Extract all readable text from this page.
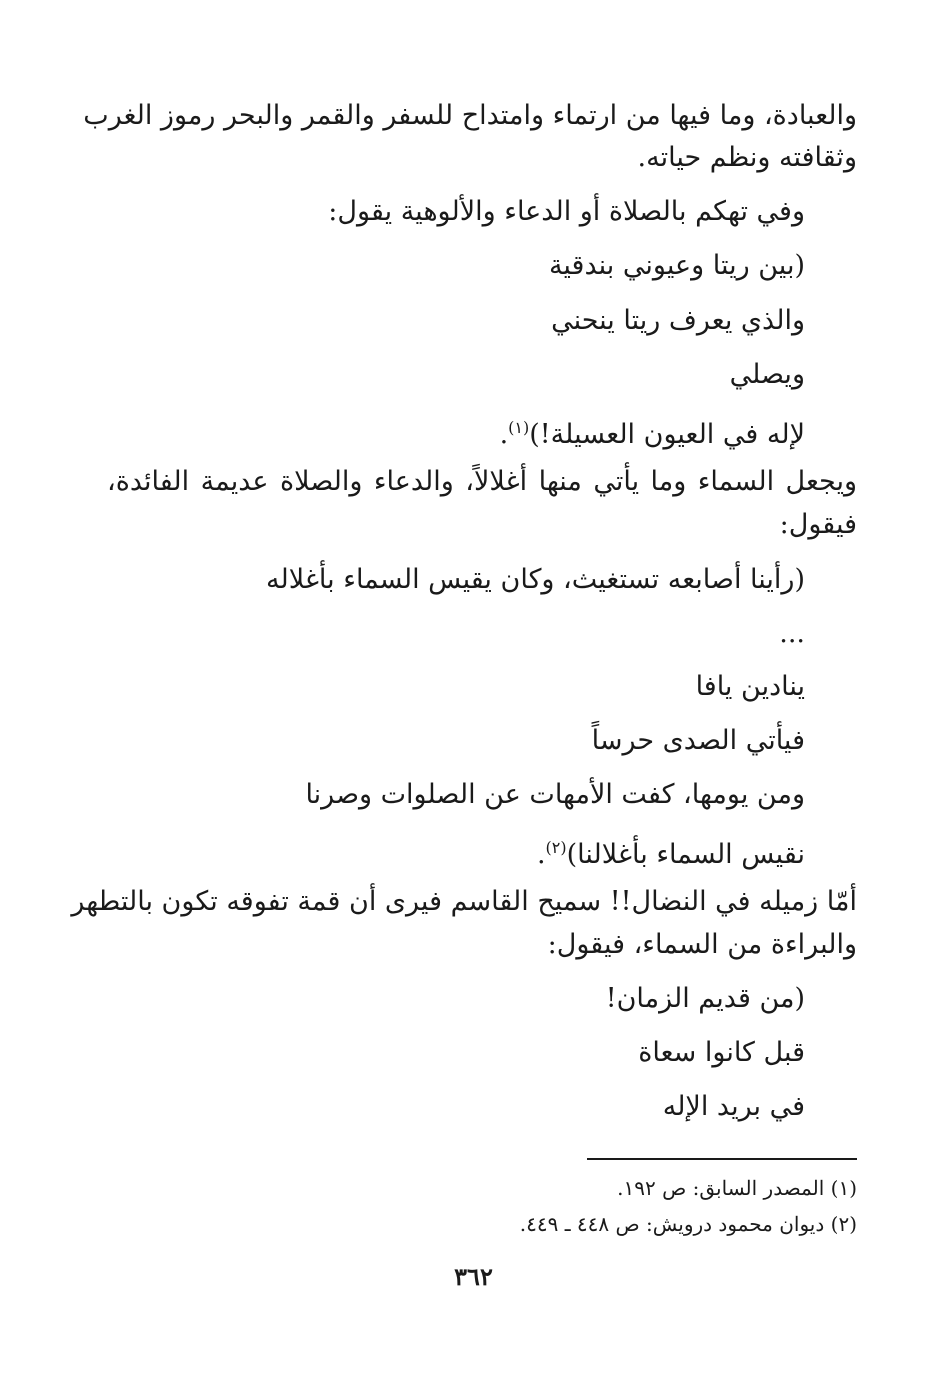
والعبادة، وما فيها من ارتماء وامتداح للسفر والقمر والبحر رموز الغرب
وثقافته ونظم حياته.
وفي تهكم بالصلاة أو الدعاء والألوهية يقول:
(بين ريتا وعيوني بندقية
والذي يعرف ريتا ينحني
ويصلي
لإله في العيون العسيلة!)$^{(١)}$.
ويجعل السماء وما يأتي منها أغلالاً، والدعاء والصلاة عديمة الفائدة،
فيقول:
(رأينا أصابعه تستغيث، وكان يقيس السماء بأغلاله
...
ينادين يافا
فيأتي الصدى حرساً
ومن يومها، كفت الأمهات عن الصلوات وصرنا
نقيس السماء بأغلالنا)$^{(٢)}$.
أمّا زميله في النضال!! سميح القاسم فيرى أن قمة تفوقه تكون بالتطهر
والبراءة من السماء، فيقول:
(من قديم الزمان!
قبل كانوا سعاة
في بريد الإله
(١) المصدر السابق: ص ١٩٢.
(٢) ديوان محمود درويش: ص ٤٤٨ ـ ٤٤٩.
٣٦٢
